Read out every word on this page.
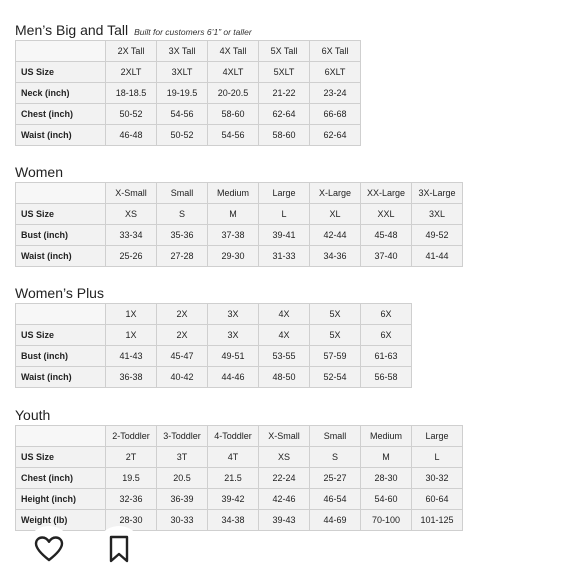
Men’s Big and Tall Built for customers 6’1” or taller
	2X Tall	3X Tall	4X Tall	5X Tall	6X Tall
US Size	2XLT	3XLT	4XLT	5XLT	6XLT
Neck (inch)	18-18.5	19-19.5	20-20.5	21-22	23-24
Chest (inch)	50-52	54-56	58-60	62-64	66-68
Waist (inch)	46-48	50-52	54-56	58-60	62-64
Women
	X-Small	Small	Medium	Large	X-Large	XX-Large	3X-Large
US Size	XS	S	M	L	XL	XXL	3XL
Bust (inch)	33-34	35-36	37-38	39-41	42-44	45-48	49-52
Waist (inch)	25-26	27-28	29-30	31-33	34-36	37-40	41-44
Women’s Plus
	1X	2X	3X	4X	5X	6X
US Size	1X	2X	3X	4X	5X	6X
Bust (inch)	41-43	45-47	49-51	53-55	57-59	61-63
Waist (inch)	36-38	40-42	44-46	48-50	52-54	56-58
Youth
	2-Toddler	3-Toddler	4-Toddler	X-Small	Small	Medium	Large
US Size	2T	3T	4T	XS	S	M	L
Chest (inch)	19.5	20.5	21.5	22-24	25-27	28-30	30-32
Height (inch)	32-36	36-39	39-42	42-46	46-54	54-60	60-64
Weight (lb)	28-30	30-33	34-38	39-43	44-69	70-100	101-125
